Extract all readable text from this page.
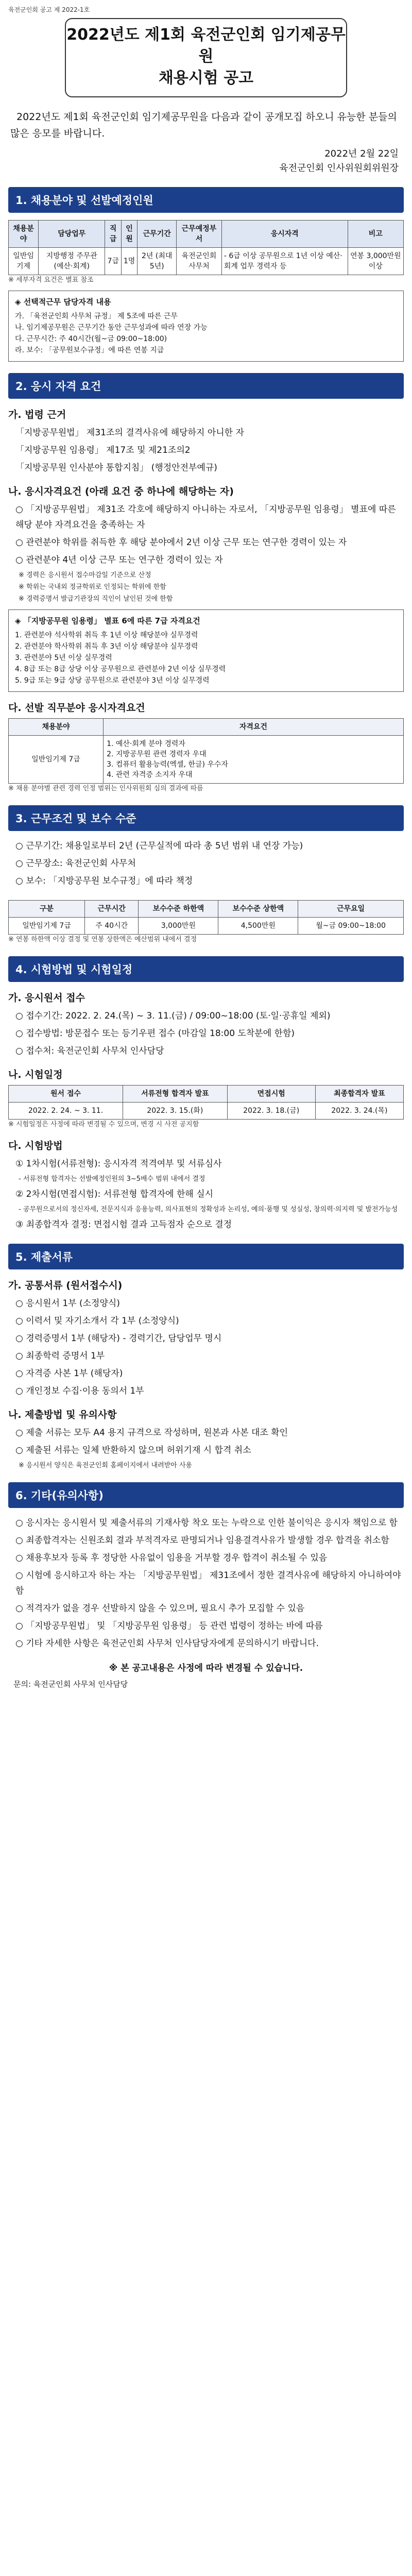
육전군인회 공고 제 2022-1호
2022년도 제1회 육전군인회 임기제공무원
채용시험 공고
2022년도 제1회 육전군인회 임기제공무원을 다음과 같이 공개모집 하오니 유능한 분들의 많은 응모를 바랍니다.
2022년 2월 22일
육전군인회 인사위원회위원장
1. 채용분야 및 선발예정인원
채용분야	담당업무	직급	인원	근무기간	근무예정부서	응시자격	비고
일반임기제	지방행정 주무관 (예산·회계)	7급	1명	2년 (최대 5년)	육전군인회 사무처	- 6급 이상 공무원으로 1년 이상 예산·회계 업무 경력자 등	연봉 3,000만원 이상
※ 세부자격 요건은 별표 참조
◈ 선택적근무 담당자격 내용
가. 「육전군인회 사무처 규정」 제 5조에 따른 근무
나. 임기제공무원은 근무기간 동안 근무성과에 따라 연장 가능
다. 근무시간: 주 40시간(월~금 09:00~18:00)
라. 보수: 「공무원보수규정」에 따른 연봉 지급
2. 응시 자격 요건
가. 법령 근거
「지방공무원법」 제31조의 결격사유에 해당하지 아니한 자
「지방공무원 임용령」 제17조 및 제21조의2
「지방공무원 인사분야 통합지침」 (행정안전부예규)
나. 응시자격요건 (아래 요건 중 하나에 해당하는 자)
○ 「지방공무원법」 제31조 각호에 해당하지 아니하는 자로서, 「지방공무원 임용령」 별표에 따른 해당 분야 자격요건을 충족하는 자
○ 관련분야 학위를 취득한 후 해당 분야에서 2년 이상 근무 또는 연구한 경력이 있는 자
○ 관련분야 4년 이상 근무 또는 연구한 경력이 있는 자
※ 경력은 응시원서 접수마감일 기준으로 산정
※ 학위는 국내외 정규학위로 인정되는 학위에 한함
※ 경력증명서 발급기관장의 직인이 날인된 것에 한함
◈ 「지방공무원 임용령」 별표 6에 따른 7급 자격요건
1. 관련분야 석사학위 취득 후 1년 이상 해당분야 실무경력
2. 관련분야 학사학위 취득 후 3년 이상 해당분야 실무경력
3. 관련분야 5년 이상 실무경력
4. 8급 또는 8급 상당 이상 공무원으로 관련분야 2년 이상 실무경력
5. 9급 또는 9급 상당 공무원으로 관련분야 3년 이상 실무경력
다. 선발 직무분야 응시자격요건
채용분야	자격요건
일반임기제 7급	1. 예산·회계 분야 경력자
2. 지방공무원 관련 경력자 우대
3. 컴퓨터 활용능력(엑셀, 한글) 우수자
4. 관련 자격증 소지자 우대
※ 채용 분야별 관련 경력 인정 범위는 인사위원회 심의 결과에 따름
3. 근무조건 및 보수 수준
○ 근무기간: 채용일로부터 2년 (근무실적에 따라 총 5년 범위 내 연장 가능)
○ 근무장소: 육전군인회 사무처
○ 보수: 「지방공무원 보수규정」에 따라 책정
구분	근무시간	보수수준 하한액	보수수준 상한액	근무요일
일반임기제 7급	주 40시간	3,000만원	4,500만원	월~금 09:00~18:00
※ 연봉 하한액 이상 결정 및 연봉 상한액은 예산범위 내에서 결정
4. 시험방법 및 시험일정
가. 응시원서 접수
○ 접수기간: 2022. 2. 24.(목) ~ 3. 11.(금) / 09:00~18:00 (토·일·공휴일 제외)
○ 접수방법: 방문접수 또는 등기우편 접수 (마감일 18:00 도착분에 한함)
○ 접수처: 육전군인회 사무처 인사담당
나. 시험일정
원서 접수	서류전형 합격자 발표	면접시험	최종합격자 발표
2022. 2. 24. ~ 3. 11.	2022. 3. 15.(화)	2022. 3. 18.(금)	2022. 3. 24.(목)
※ 시험일정은 사정에 따라 변경될 수 있으며, 변경 시 사전 공지함
다. 시험방법
① 1차시험(서류전형): 응시자격 적격여부 및 서류심사
- 서류전형 합격자는 선발예정인원의 3~5배수 범위 내에서 결정
② 2차시험(면접시험): 서류전형 합격자에 한해 실시
- 공무원으로서의 정신자세, 전문지식과 응용능력, 의사표현의 정확성과 논리성, 예의·품행 및 성실성, 창의력·의지력 및 발전가능성
③ 최종합격자 결정: 면접시험 결과 고득점자 순으로 결정
5. 제출서류
가. 공통서류 (원서접수시)
○ 응시원서 1부 (소정양식)
○ 이력서 및 자기소개서 각 1부 (소정양식)
○ 경력증명서 1부 (해당자) - 경력기간, 담당업무 명시
○ 최종학력 증명서 1부
○ 자격증 사본 1부 (해당자)
○ 개인정보 수집·이용 동의서 1부
나. 제출방법 및 유의사항
○ 제출 서류는 모두 A4 용지 규격으로 작성하며, 원본과 사본 대조 확인
○ 제출된 서류는 일체 반환하지 않으며 허위기재 시 합격 취소
※ 응시원서 양식은 육전군인회 홈페이지에서 내려받아 사용
6. 기타(유의사항)
○ 응시자는 응시원서 및 제출서류의 기재사항 착오 또는 누락으로 인한 불이익은 응시자 책임으로 함
○ 최종합격자는 신원조회 결과 부적격자로 판명되거나 임용결격사유가 발생할 경우 합격을 취소함
○ 채용후보자 등록 후 정당한 사유없이 임용을 거부할 경우 합격이 취소될 수 있음
○ 시험에 응시하고자 하는 자는 「지방공무원법」 제31조에서 정한 결격사유에 해당하지 아니하여야 함
○ 적격자가 없을 경우 선발하지 않을 수 있으며, 필요시 추가 모집할 수 있음
○ 「지방공무원법」 및 「지방공무원 임용령」 등 관련 법령이 정하는 바에 따름
○ 기타 자세한 사항은 육전군인회 사무처 인사담당자에게 문의하시기 바랍니다.
※ 본 공고내용은 사정에 따라 변경될 수 있습니다.
문의: 육전군인회 사무처 인사담당
